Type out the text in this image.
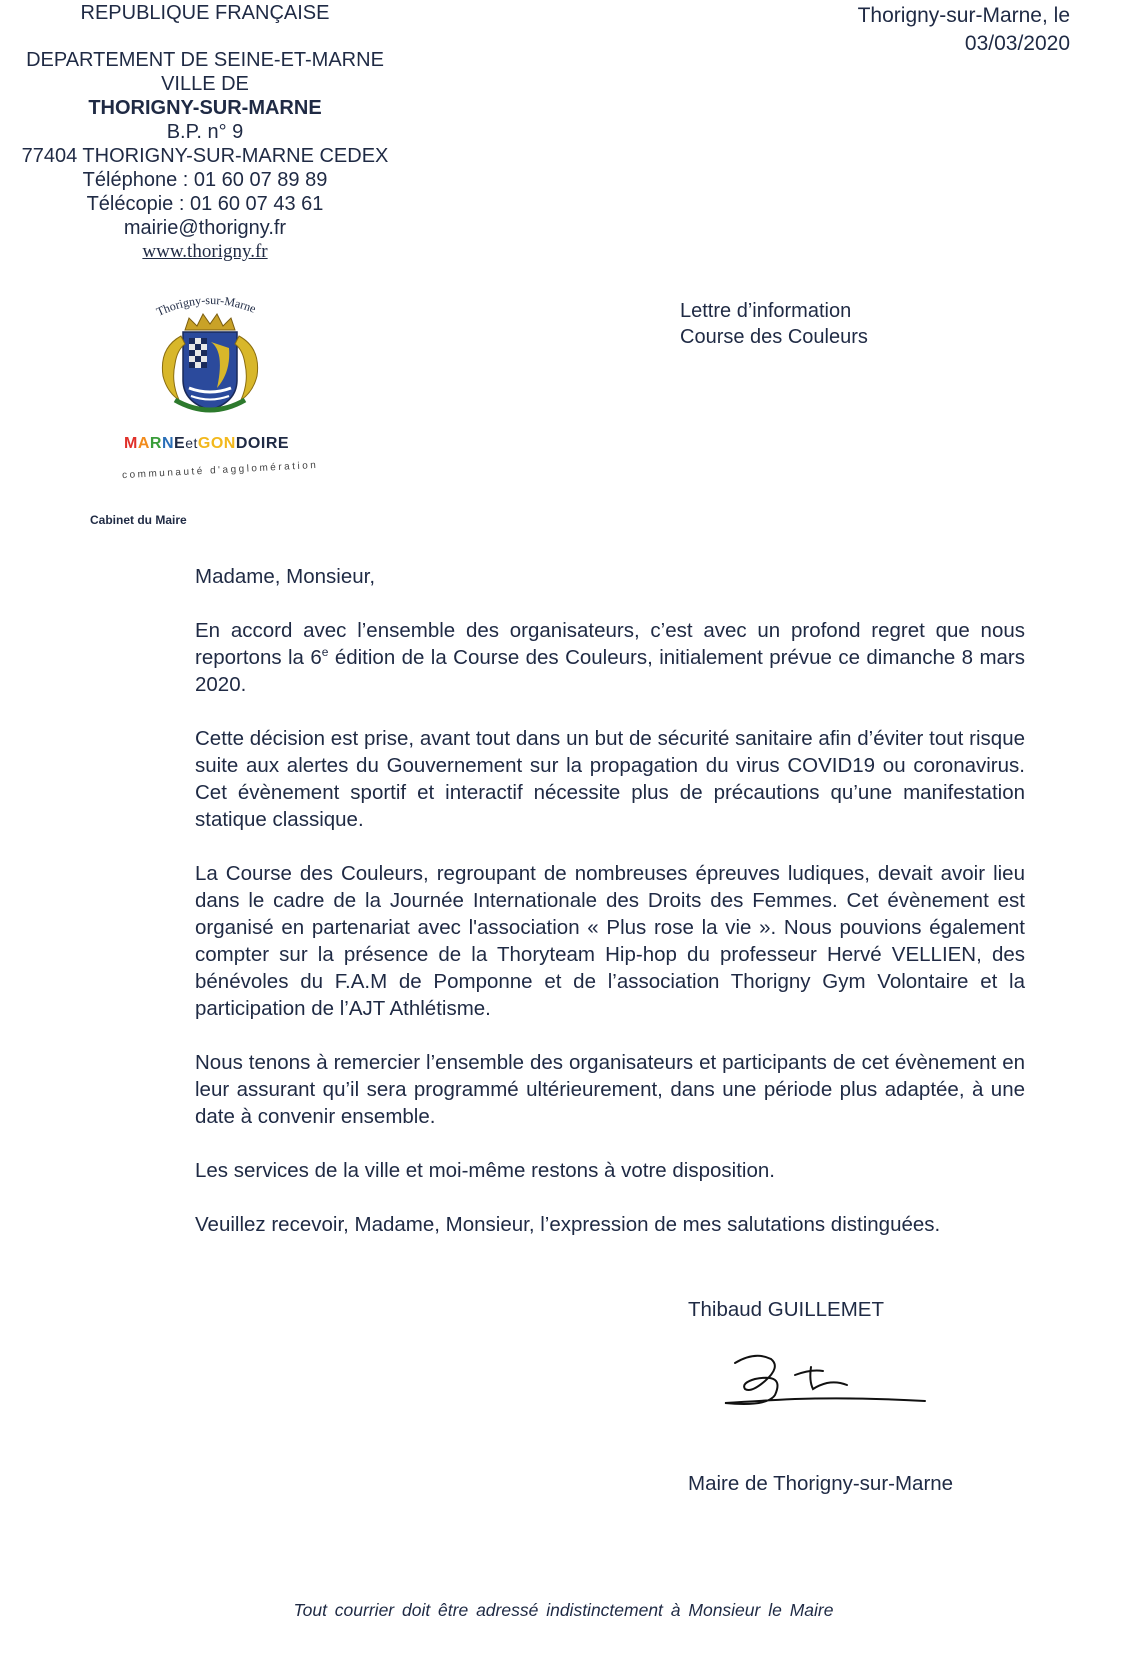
REPUBLIQUE FRANÇAISE
DEPARTEMENT DE SEINE-ET-MARNE
VILLE DE
THORIGNY-SUR-MARNE
B.P. n° 9
77404 THORIGNY-SUR-MARNE CEDEX
Téléphone : 01 60 07 89 89
Télécopie : 01 60 07 43 61
mairie@thorigny.fr
www.thorigny.fr
Thorigny-sur-Marne, le
03/03/2020
Lettre d’information
Course des Couleurs
Thorigny-sur-Marne
MARNEetGONDOIRE
communauté d'agglomération
Cabinet du Maire

Madame, Monsieur,

En accord avec l’ensemble des organisateurs, c’est avec un profond regret que nous reportons la 6e édition de la Course des Couleurs, initialement prévue ce dimanche 8 mars 2020.

Cette décision est prise, avant tout dans un but de sécurité sanitaire afin d’éviter tout risque suite aux alertes du Gouvernement sur la propagation du virus COVID19 ou coronavirus. Cet évènement sportif et interactif nécessite plus de précautions qu’une manifestation statique classique.

La Course des Couleurs, regroupant de nombreuses épreuves ludiques, devait avoir lieu dans le cadre de la Journée Internationale des Droits des Femmes. Cet évènement est organisé en partenariat avec l'association « Plus rose la vie ». Nous pouvions également compter sur la présence de la Thoryteam Hip-hop du professeur Hervé VELLIEN, des bénévoles du F.A.M de Pomponne et de l’association Thorigny Gym Volontaire et la participation de l’AJT Athlétisme.

Nous tenons à remercier l’ensemble des organisateurs et participants de cet évènement en leur assurant qu’il sera programmé ultérieurement, dans une période plus adaptée, à une date à convenir ensemble.

Les services de la ville et moi-même restons à votre disposition.

Veuillez recevoir, Madame, Monsieur, l’expression de mes salutations distinguées.

Thibaud GUILLEMET
Maire de Thorigny-sur-Marne
Tout courrier doit être adressé indistinctement à Monsieur le Maire
